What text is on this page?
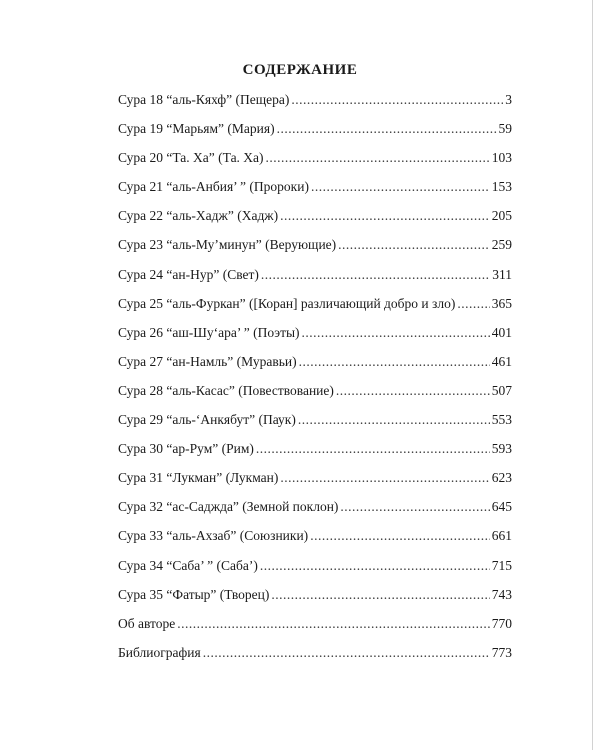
СОДЕРЖАНИЕ
Сура 18 “аль-Кяхф” (Пещера) .....	3
Сура 19 “Марьям” (Мария) .....	59
Сура 20 “Та. Ха” (Та. Ха) .....	103
Сура 21 “аль-Анбия’ ” (Пророки) .....	153
Сура 22 “аль-Хадж” (Хадж) .....	205
Сура 23 “аль-Му’минун” (Верующие) .....	259
Сура 24 “ан-Нур” (Свет) .....	311
Сура 25 “аль-Фуркан” ([Коран] различающий добро и зло) .....	365
Сура 26 “аш-Шу‘ара’ ” (Поэты) .....	401
Сура 27 “ан-Намль” (Муравьи) .....	461
Сура 28 “аль-Касас” (Повествование) .....	507
Сура 29 “аль-‘Анкябут” (Паук) .....	553
Сура 30 “ар-Рум” (Рим) .....	593
Сура 31 “Лукман” (Лукман) .....	623
Сура 32 “ас-Саджда” (Земной поклон) .....	645
Сура 33 “аль-Ахзаб” (Союзники) .....	661
Сура 34 “Саба’ ” (Саба’) .....	715
Сура 35 “Фатыр” (Творец) .....	743
Об авторе .....	770
Библиография .....	773
